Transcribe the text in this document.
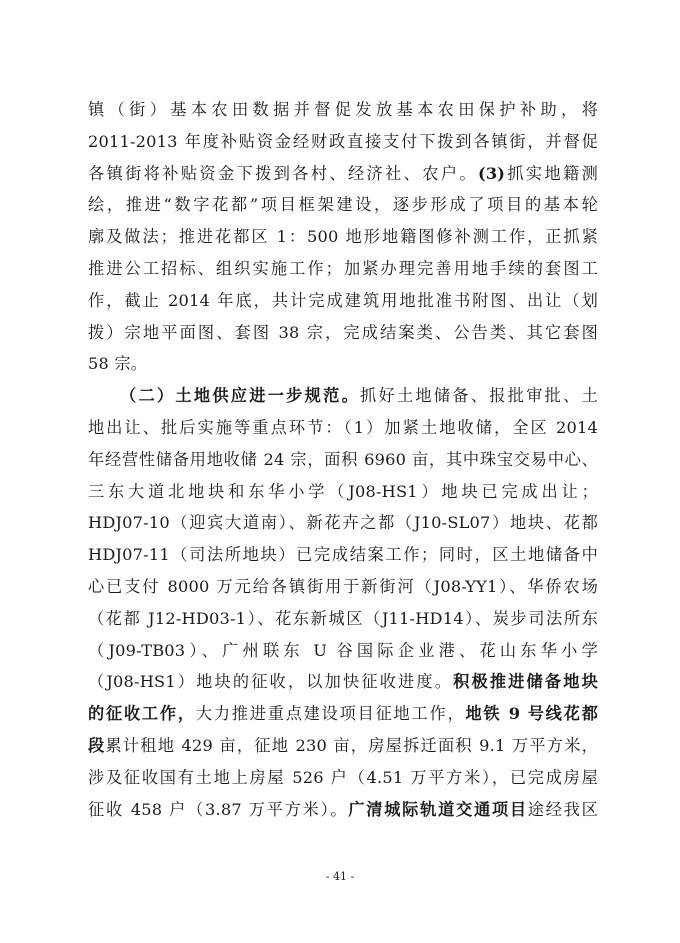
镇（街）基本农田数据并督促发放基本农田保护补助，将
2011-2013 年度补贴资金经财政直接支付下拨到各镇街，并督促
各镇街将补贴资金下拨到各村、经济社、农户。(3)抓实地籍测
绘，推进“数字花都”项目框架建设，逐步形成了项目的基本轮
廓及做法；推进花都区 1：500 地形地籍图修补测工作，正抓紧
推进公工招标、组织实施工作；加紧办理完善用地手续的套图工
作，截止 2014 年底，共计完成建筑用地批准书附图、出让（划
拨）宗地平面图、套图 38 宗，完成结案类、公告类、其它套图
58 宗。
（二）土地供应进一步规范。抓好土地储备、报批审批、土
地出让、批后实施等重点环节：（1）加紧土地收储，全区 2014
年经营性储备用地收储 24 宗，面积 6960 亩，其中珠宝交易中心、
三东大道北地块和东华小学（J08-HS1）地块已完成出让；
HDJ07-10（迎宾大道南）、新花卉之都（J10-SL07）地块、花都
HDJ07-11（司法所地块）已完成结案工作；同时，区土地储备中
心已支付 8000 万元给各镇街用于新街河（J08-YY1）、华侨农场
（花都 J12-HD03-1）、花东新城区（J11-HD14）、炭步司法所东
（J09-TB03）、广州联东 U 谷国际企业港、花山东华小学
（J08-HS1）地块的征收，以加快征收进度。积极推进储备地块
的征收工作，大力推进重点建设项目征地工作，地铁 9 号线花都
段累计租地 429 亩，征地 230 亩，房屋拆迁面积 9.1 万平方米，
涉及征收国有土地上房屋 526 户（4.51 万平方米），已完成房屋
征收 458 户（3.87 万平方米）。广清城际轨道交通项目途经我区
- 41 -
